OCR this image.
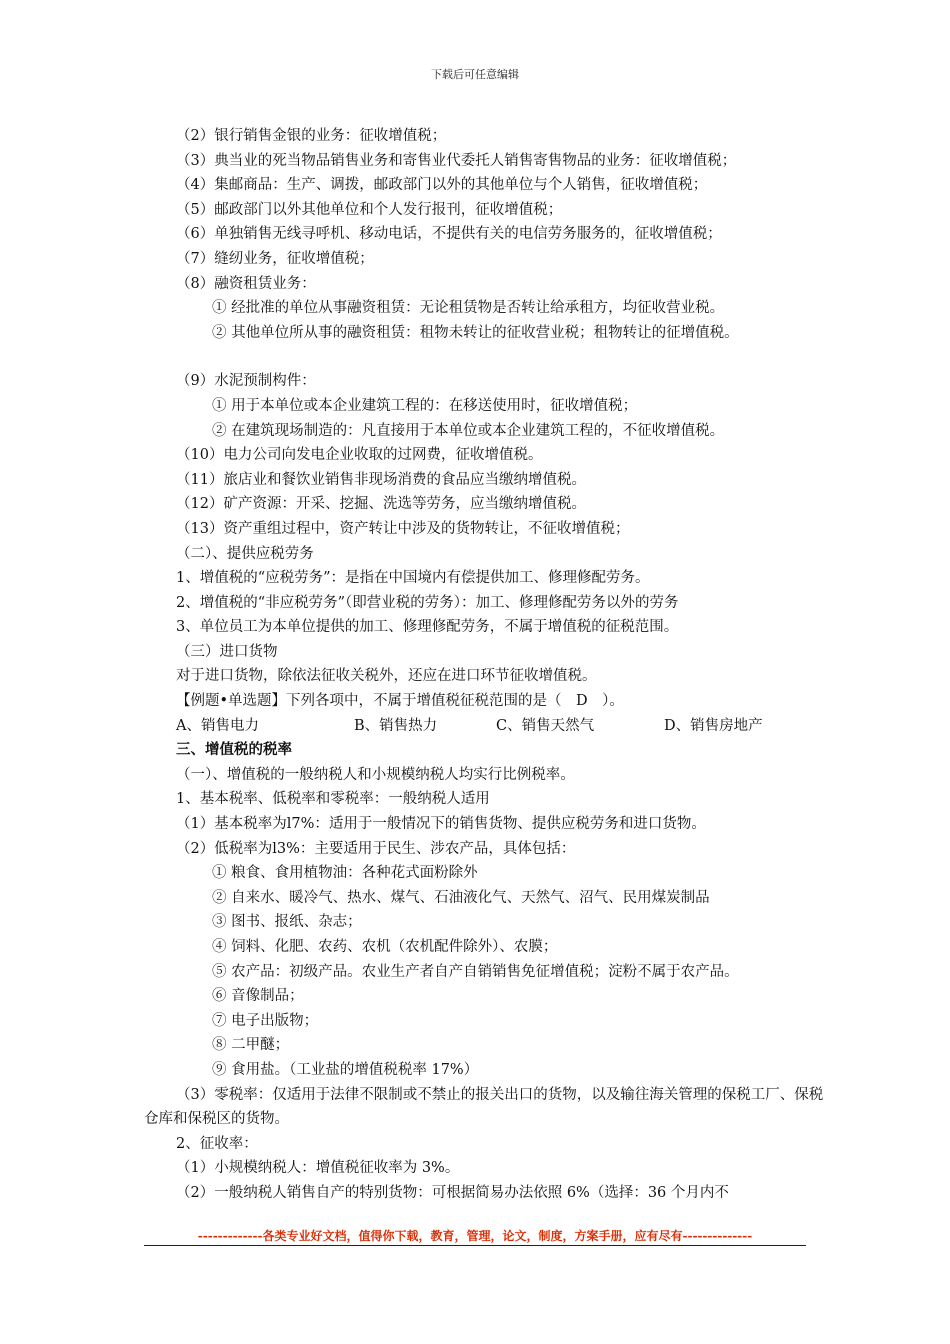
下载后可任意编辑
（2）银行销售金银的业务：征收增值税；
（3）典当业的死当物品销售业务和寄售业代委托人销售寄售物品的业务：征收增值税；
（4）集邮商品：生产、调拨，邮政部门以外的其他单位与个人销售，征收增值税；
（5）邮政部门以外其他单位和个人发行报刊，征收增值税；
（6）单独销售无线寻呼机、移动电话，不提供有关的电信劳务服务的，征收增值税；
（7）缝纫业务，征收增值税；
（8）融资租赁业务：
① 经批准的单位从事融资租赁：无论租赁物是否转让给承租方，均征收营业税。
② 其他单位所从事的融资租赁：租物未转让的征收营业税；租物转让的征增值税。
（9）水泥预制构件：
① 用于本单位或本企业建筑工程的：在移送使用时，征收增值税；
② 在建筑现场制造的：凡直接用于本单位或本企业建筑工程的，不征收增值税。
（10）电力公司向发电企业收取的过网费，征收增值税。
（11）旅店业和餐饮业销售非现场消费的食品应当缴纳增值税。
（12）矿产资源：开采、挖掘、洗选等劳务，应当缴纳增值税。
（13）资产重组过程中，资产转让中涉及的货物转让，不征收增值税；
（二）、提供应税劳务
1、增值税的“应税劳务”：是指在中国境内有偿提供加工、修理修配劳务。
2、增值税的“非应税劳务”（即营业税的劳务）：加工、修理修配劳务以外的劳务
3、单位员工为本单位提供的加工、修理修配劳务，不属于增值税的征税范围。
（三）进口货物
对于进口货物，除依法征收关税外，还应在进口环节征收增值税。
【例题•单选题】下列各项中，不属于增值税征税范围的是（　D　）。
A、销售电力	B、销售热力	C、销售天然气	D、销售房地产
三、增值税的税率
（一）、增值税的一般纳税人和小规模纳税人均实行比例税率。
1、基本税率、低税率和零税率：一般纳税人适用
（1）基本税率为l7%：适用于一般情况下的销售货物、提供应税劳务和进口货物。
（2）低税率为l3%：主要适用于民生、涉农产品，具体包括：
① 粮食、食用植物油：各种花式面粉除外
② 自来水、暖冷气、热水、煤气、石油液化气、天然气、沼气、民用煤炭制品
③ 图书、报纸、杂志；
④ 饲料、化肥、农药、农机（农机配件除外）、农膜；
⑤ 农产品：初级产品。农业生产者自产自销销售免征增值税；淀粉不属于农产品。
⑥ 音像制品；
⑦ 电子出版物；
⑧ 二甲醚；
⑨ 食用盐。（工业盐的增值税税率 17%）
（3）零税率：仅适用于法律不限制或不禁止的报关出口的货物，以及输往海关管理的保税工厂、保税仓库和保税区的货物。
2、征收率：
（1）小规模纳税人：增值税征收率为 3%。
（2）一般纳税人销售自产的特别货物：可根据简易办法依照 6%（选择：36 个月内不
-------------各类专业好文档，值得你下载，教育，管理，论文，制度，方案手册，应有尽有--------------
